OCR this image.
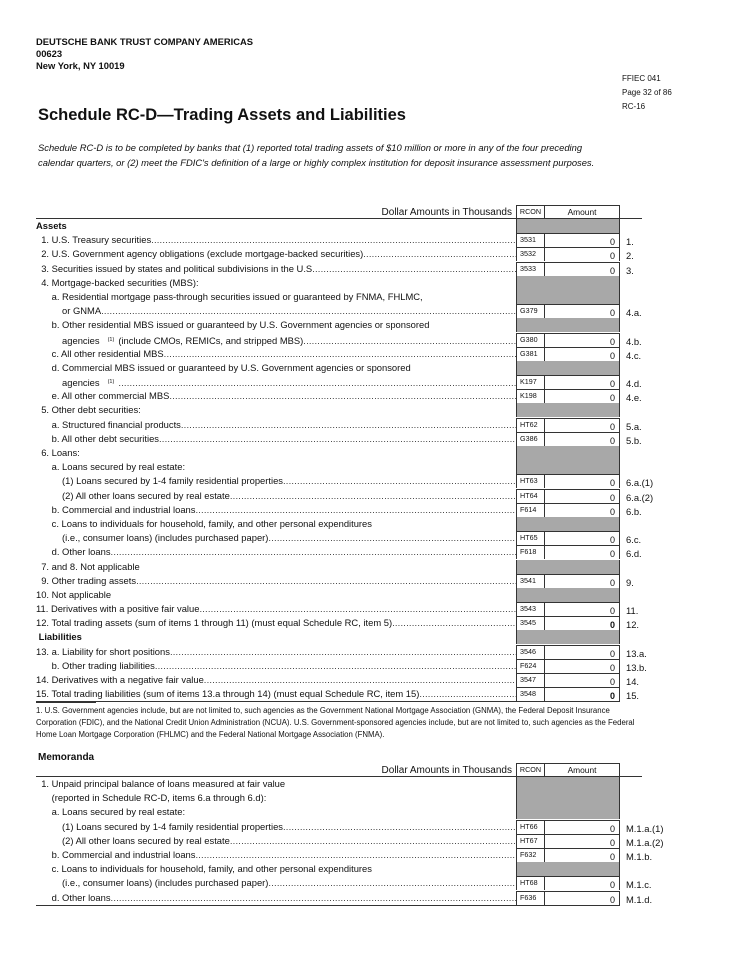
DEUTSCHE BANK TRUST COMPANY AMERICAS
00623
New York, NY 10019
FFIEC 041
Page 32 of 86
RC-16
Schedule RC-D—Trading Assets and Liabilities
Schedule RC-D is to be completed by banks that (1) reported total trading assets of $10 million or more in any of the four preceding calendar quarters, or (2) meet the FDIC's definition of a large or highly complex institution for deposit insurance assessment purposes.
Dollar Amounts in Thousands	RCON	Amount
Assets
1. U.S. Treasury securities .....	3531	0	1.
2. U.S. Government agency obligations (exclude mortgage-backed securities) .....	3532	0	2.
3. Securities issued by states and political subdivisions in the U.S .....	3533	0	3.
4. Mortgage-backed securities (MBS):
a. Residential mortgage pass-through securities issued or guaranteed by FNMA, FHLMC,
or GNMA .....	G379	0	4.a.
b. Other residential MBS issued or guaranteed by U.S. Government agencies or sponsored
agencies $^{(1)}$ (include CMOs, REMICs, and stripped MBS) .....	G380	0	4.b.
c. All other residential MBS .....	G381	0	4.c.
d. Commercial MBS issued or guaranteed by U.S. Government agencies or sponsored
agencies $^{(1)}$ .....	K197	0	4.d.
e. All other commercial MBS .....	K198	0	4.e.
5. Other debt securities:
a. Structured financial products .....	HT62	0	5.a.
b. All other debt securities .....	G386	0	5.b.
6. Loans:
a. Loans secured by real estate:
(1) Loans secured by 1-4 family residential properties .....	HT63	0	6.a.(1)
(2) All other loans secured by real estate .....	HT64	0	6.a.(2)
b. Commercial and industrial loans .....	F614	0	6.b.
c. Loans to individuals for household, family, and other personal expenditures
(i.e., consumer loans) (includes purchased paper) .....	HT65	0	6.c.
d. Other loans .....	F618	0	6.d.
7. and 8. Not applicable
9. Other trading assets .....	3541	0	9.
10. Not applicable
11. Derivatives with a positive fair value .....	3543	0	11.
12. Total trading assets (sum of items 1 through 11) (must equal Schedule RC, item 5) .....	3545	0	12.
Liabilities
13. a. Liability for short positions .....	3546	0	13.a.
b. Other trading liabilities .....	F624	0	13.b.
14. Derivatives with a negative fair value .....	3547	0	14.
15. Total trading liabilities (sum of items 13.a through 14) (must equal Schedule RC, item 15) .....	3548	0	15.
1. U.S. Government agencies include, but are not limited to, such agencies as the Government National Mortgage Association (GNMA), the Federal Deposit Insurance Corporation (FDIC), and the National Credit Union Administration (NCUA). U.S. Government-sponsored agencies include, but are not limited to, such agencies as the Federal Home Loan Mortgage Corporation (FHLMC) and the Federal National Mortgage Association (FNMA).
Memoranda
Dollar Amounts in Thousands	RCON	Amount
1. Unpaid principal balance of loans measured at fair value
(reported in Schedule RC-D, items 6.a through 6.d):
a. Loans secured by real estate:
(1) Loans secured by 1-4 family residential properties .....	HT66	0	M.1.a.(1)
(2) All other loans secured by real estate .....	HT67	0	M.1.a.(2)
b. Commercial and industrial loans .....	F632	0	M.1.b.
c. Loans to individuals for household, family, and other personal expenditures
(i.e., consumer loans) (includes purchased paper) .....	HT68	0	M.1.c.
d. Other loans .....	F636	0	M.1.d.
